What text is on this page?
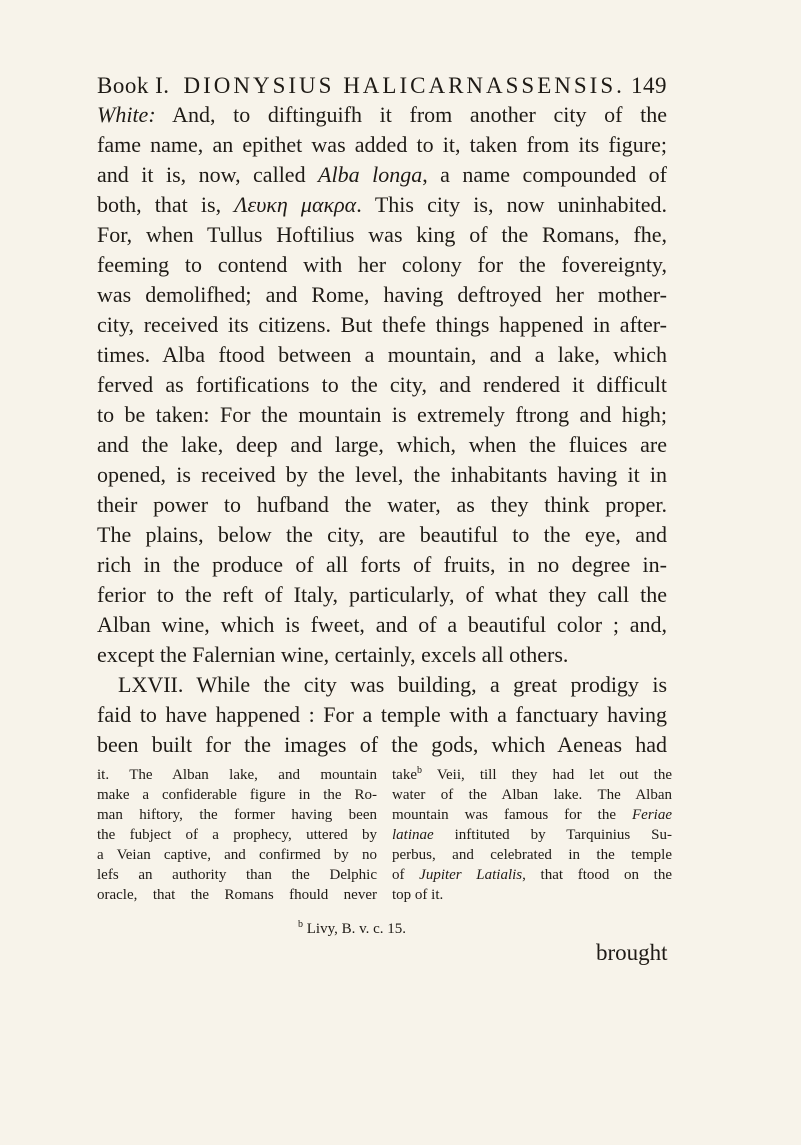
Book I. DIONYSIUS HALICARNASSENSIS. 149
White: And, to diftinguifh it from another city of the
fame name, an epithet was added to it, taken from its figure;
and it is, now, called Alba longa, a name compounded of
both, that is, Λευκη μακρα. This city is, now uninhabited.
For, when Tullus Hoftilius was king of the Romans, fhe,
feeming to contend with her colony for the fovereignty,
was demolifhed; and Rome, having deftroyed her mother-
city, received its citizens. But thefe things happened in after-
times. Alba ftood between a mountain, and a lake, which
ferved as fortifications to the city, and rendered it difficult
to be taken: For the mountain is extremely ftrong and high;
and the lake, deep and large, which, when the fluices are
opened, is received by the level, the inhabitants having it in
their power to hufband the water, as they think proper.
The plains, below the city, are beautiful to the eye, and
rich in the produce of all forts of fruits, in no degree in-
ferior to the reft of Italy, particularly, of what they call the
Alban wine, which is fweet, and of a beautiful color ; and,
except the Falernian wine, certainly, excels all others.
LXVII. While the city was building, a great prodigy is
faid to have happened : For a temple with a fanctuary having
been built for the images of the gods, which Aeneas had
it. The Alban lake, and mountain
make a confiderable figure in the Ro-
man hiftory, the former having been
the fubject of a prophecy, uttered by
a Veian captive, and confirmed by no
lefs an authority than the Delphic
oracle, that the Romans fhould never
take$^b$ Veii, till they had let out the
water of the Alban lake. The Alban
mountain was famous for the Feriae
latinae inftituted by Tarquinius Su-
perbus, and celebrated in the temple
of Jupiter Latialis, that ftood on the
top of it.
$^b$ Livy, B. v. c. 15.
brought
